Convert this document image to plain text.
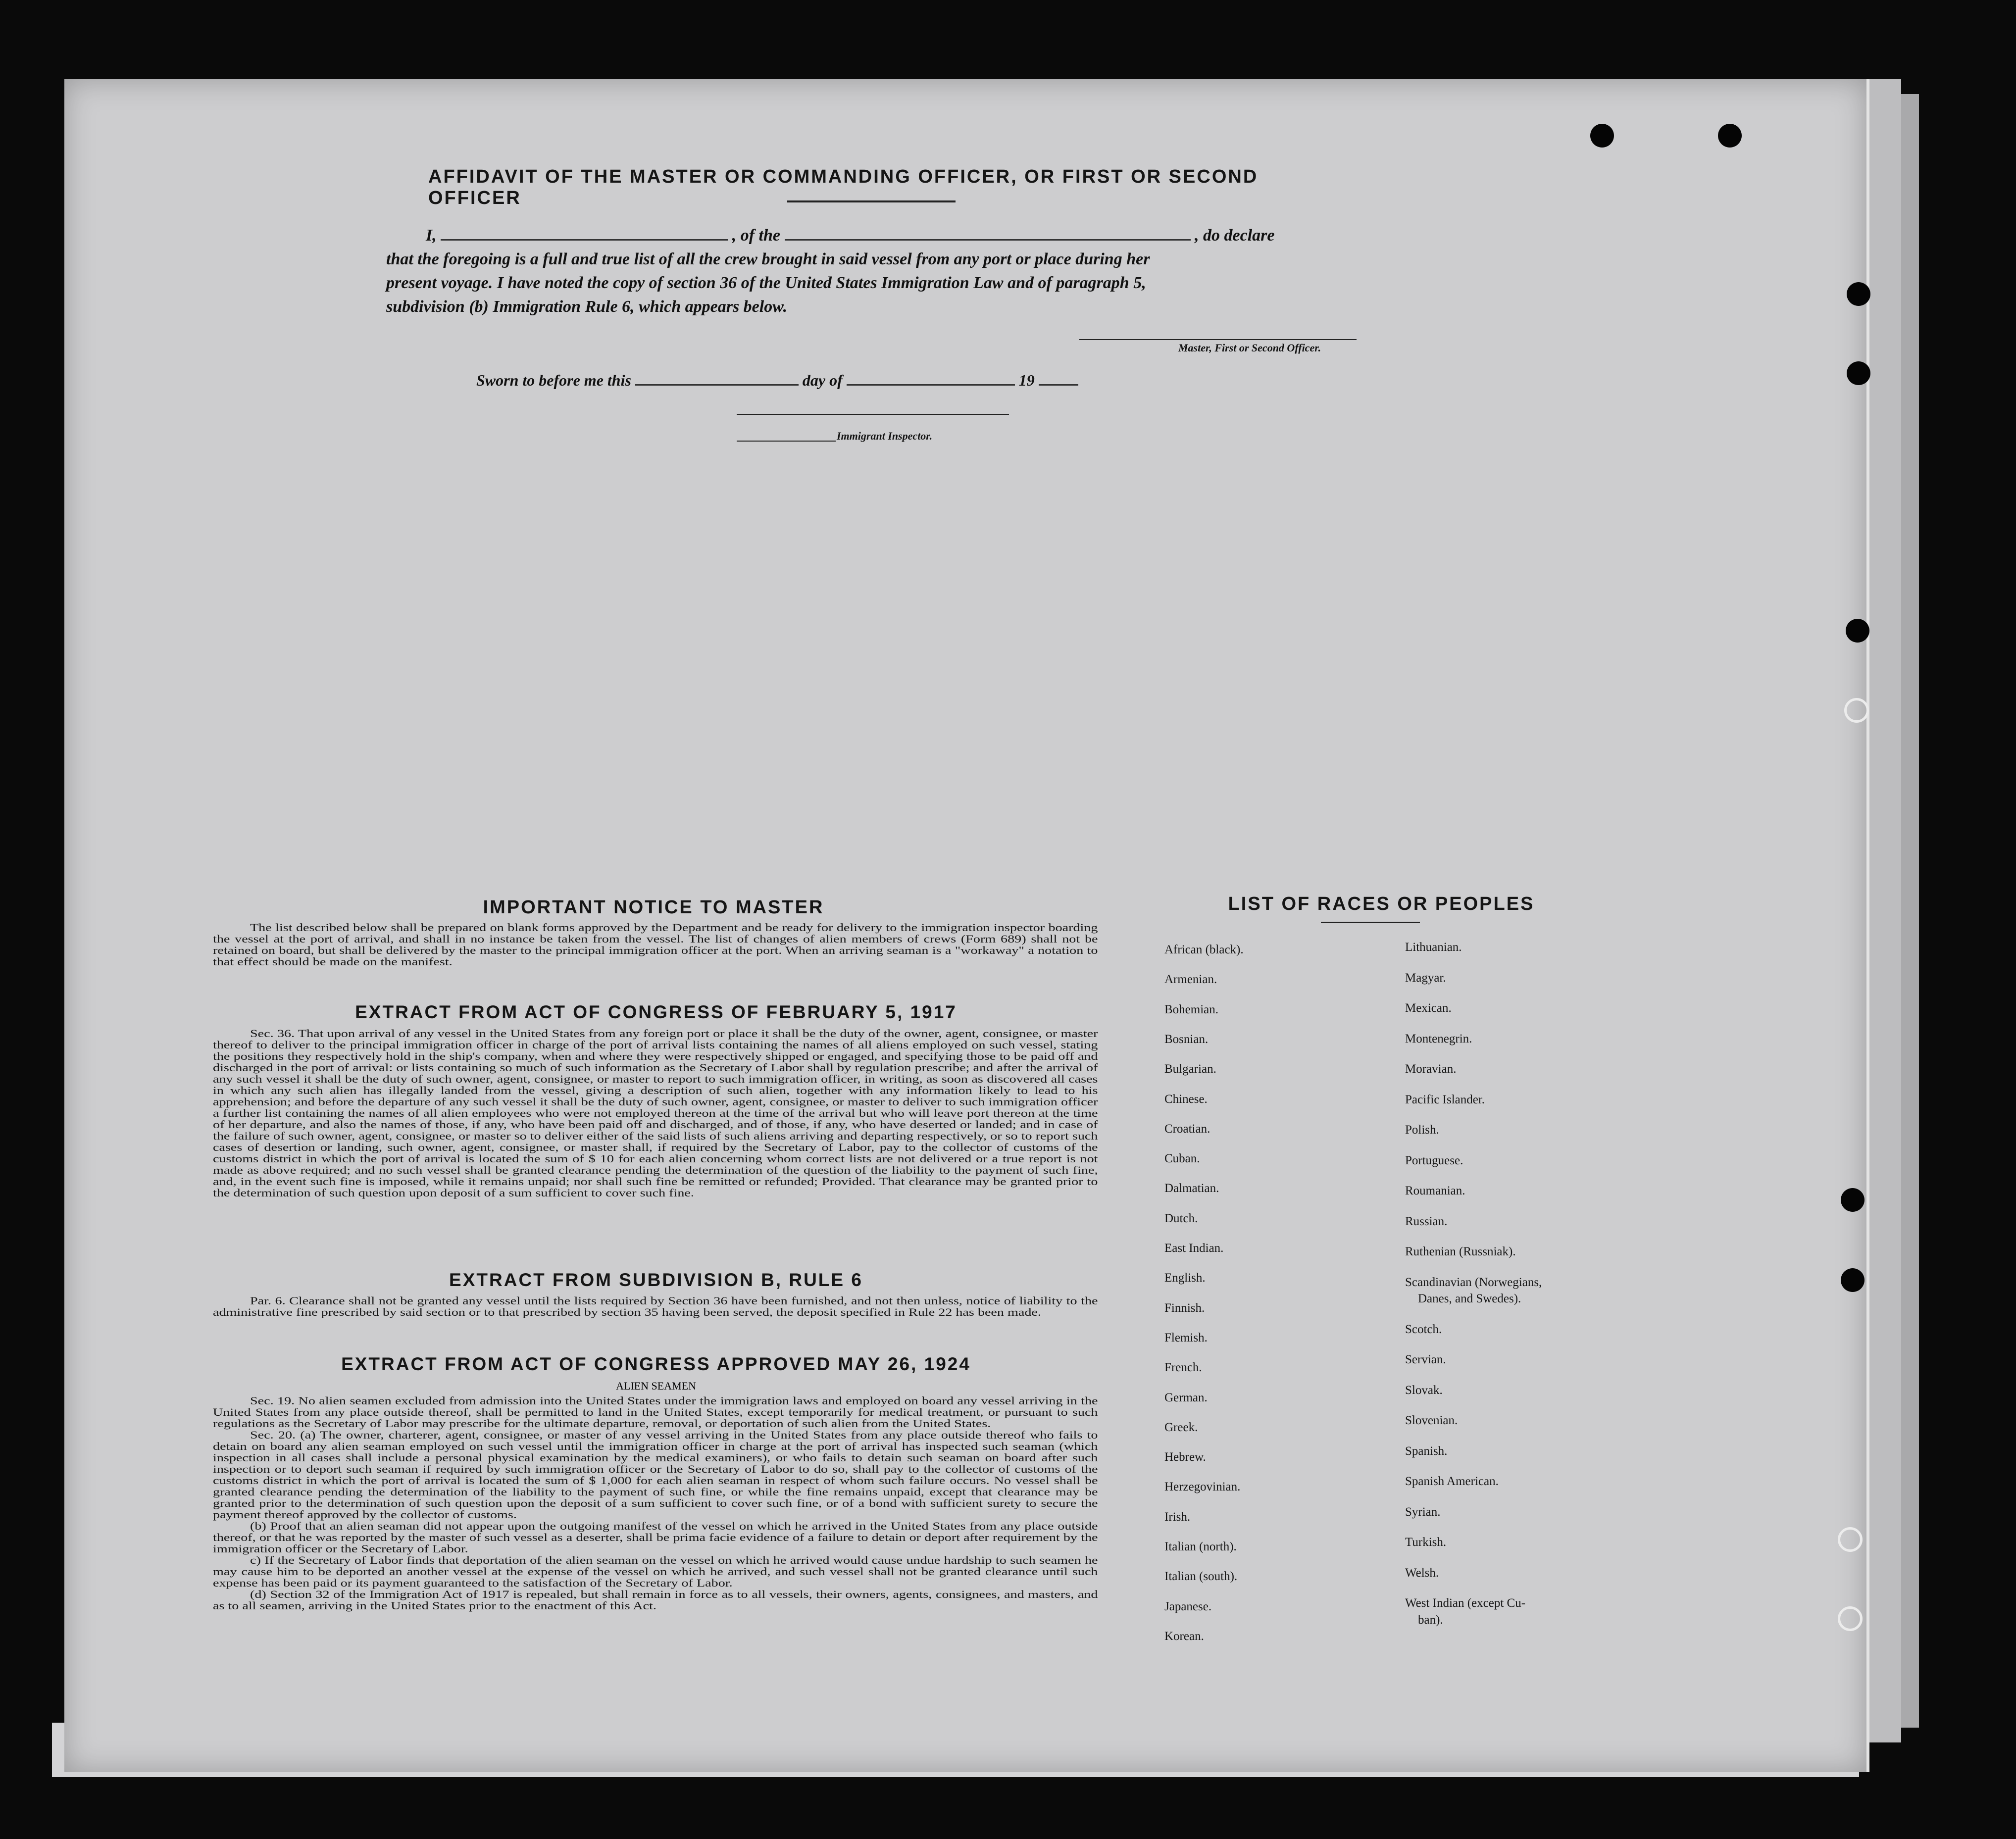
AFFIDAVIT OF THE MASTER OR COMMANDING OFFICER, OR FIRST OR SECOND OFFICER

I,	, of the	, do declare

that the foregoing is a full and true list of all the crew brought in said vessel from any port or place during her

present voyage. I have noted the copy of section 36 of the United States Immigration Law and of paragraph 5,

subdivision (b) Immigration Rule 6, which appears below.

Master, First or Second Officer.
Sworn to before me this	day of	19
Immigrant Inspector.
IMPORTANT NOTICE TO MASTER

The list described below shall be prepared on blank forms approved by the Department and be ready for delivery to the immigration inspector boarding the vessel at the port of arrival, and shall in no instance be taken from the vessel. The list of changes of alien members of crews (Form 689) shall not be retained on board, but shall be delivered by the master to the principal immigration officer at the port. When an arriving seaman is a "workaway" a notation to that effect should be made on the manifest.

EXTRACT FROM ACT OF CONGRESS OF FEBRUARY 5, 1917

Sec. 36. That upon arrival of any vessel in the United States from any foreign port or place it shall be the duty of the owner, agent, consignee, or master thereof to deliver to the principal immigration officer in charge of the port of arrival lists containing the names of all aliens employed on such vessel, stating the positions they respectively hold in the ship's company, when and where they were respectively shipped or engaged, and specifying those to be paid off and discharged in the port of arrival: or lists containing so much of such information as the Secretary of Labor shall by regulation prescribe; and after the arrival of any such vessel it shall be the duty of such owner, agent, consignee, or master to report to such immigration officer, in writing, as soon as discovered all cases in which any such alien has illegally landed from the vessel, giving a description of such alien, together with any information likely to lead to his apprehension; and before the departure of any such vessel it shall be the duty of such owner, agent, consignee, or master to deliver to such immigration officer a further list containing the names of all alien employees who were not employed thereon at the time of the arrival but who will leave port thereon at the time of her departure, and also the names of those, if any, who have been paid off and discharged, and of those, if any, who have deserted or landed; and in case of the failure of such owner, agent, consignee, or master so to deliver either of the said lists of such aliens arriving and departing respectively, or so to report such cases of desertion or landing, such owner, agent, consignee, or master shall, if required by the Secretary of Labor, pay to the collector of customs of the customs district in which the port of arrival is located the sum of $ 10 for each alien concerning whom correct lists are not delivered or a true report is not made as above required; and no such vessel shall be granted clearance pending the determination of the question of the liability to the payment of such fine, and, in the event such fine is imposed, while it remains unpaid; nor shall such fine be remitted or refunded; Provided. That clearance may be granted prior to the determination of such question upon deposit of a sum sufficient to cover such fine.

EXTRACT FROM SUBDIVISION B, RULE 6

Par. 6. Clearance shall not be granted any vessel until the lists required by Section 36 have been furnished, and not then unless, notice of liability to the administrative fine prescribed by said section or to that prescribed by section 35 having been served, the deposit specified in Rule 22 has been made.

EXTRACT FROM ACT OF CONGRESS APPROVED MAY 26, 1924
ALIEN SEAMEN

Sec. 19. No alien seamen excluded from admission into the United States under the immigration laws and employed on board any vessel arriving in the United States from any place outside thereof, shall be permitted to land in the United States, except temporarily for medical treatment, or pursuant to such regulations as the Secretary of Labor may prescribe for the ultimate departure, removal, or deportation of such alien from the United States.

Sec. 20. (a) The owner, charterer, agent, consignee, or master of any vessel arriving in the United States from any place outside thereof who fails to detain on board any alien seaman employed on such vessel until the immigration officer in charge at the port of arrival has inspected such seaman (which inspection in all cases shall include a personal physical examination by the medical examiners), or who fails to detain such seaman on board after such inspection or to deport such seaman if required by such immigration officer or the Secretary of Labor to do so, shall pay to the collector of customs of the customs district in which the port of arrival is located the sum of $ 1,000 for each alien seaman in respect of whom such failure occurs. No vessel shall be granted clearance pending the determination of the liability to the payment of such fine, or while the fine remains unpaid, except that clearance may be granted prior to the determination of such question upon the deposit of a sum sufficient to cover such fine, or of a bond with sufficient surety to secure the payment thereof approved by the collector of customs.

(b) Proof that an alien seaman did not appear upon the outgoing manifest of the vessel on which he arrived in the United States from any place outside thereof, or that he was reported by the master of such vessel as a deserter, shall be prima facie evidence of a failure to detain or deport after requirement by the immigration officer or the Secretary of Labor.

c) If the Secretary of Labor finds that deportation of the alien seaman on the vessel on which he arrived would cause undue hardship to such seamen he may cause him to be deported an another vessel at the expense of the vessel on which he arrived, and such vessel shall not be granted clearance until such expense has been paid or its payment guaranteed to the satisfaction of the Secretary of Labor.

(d) Section 32 of the Immigration Act of 1917 is repealed, but shall remain in force as to all vessels, their owners, agents, consignees, and masters, and as to all seamen, arriving in the United States prior to the enactment of this Act.

LIST OF RACES OR PEOPLES
African (black).
Armenian.
Bohemian.
Bosnian.
Bulgarian.
Chinese.
Croatian.
Cuban.
Dalmatian.
Dutch.
East Indian.
English.
Finnish.
Flemish.
French.
German.
Greek.
Hebrew.
Herzegovinian.
Irish.
Italian (north).
Italian (south).
Japanese.
Korean.
Lithuanian.
Magyar.
Mexican.
Montenegrin.
Moravian.
Pacific Islander.
Polish.
Portuguese.
Roumanian.
Russian.
Ruthenian (Russniak).
Scandinavian (Norwegians,
Danes, and Swedes).
Scotch.
Servian.
Slovak.
Slovenian.
Spanish.
Spanish American.
Syrian.
Turkish.
Welsh.
West Indian (except Cu-
ban).
